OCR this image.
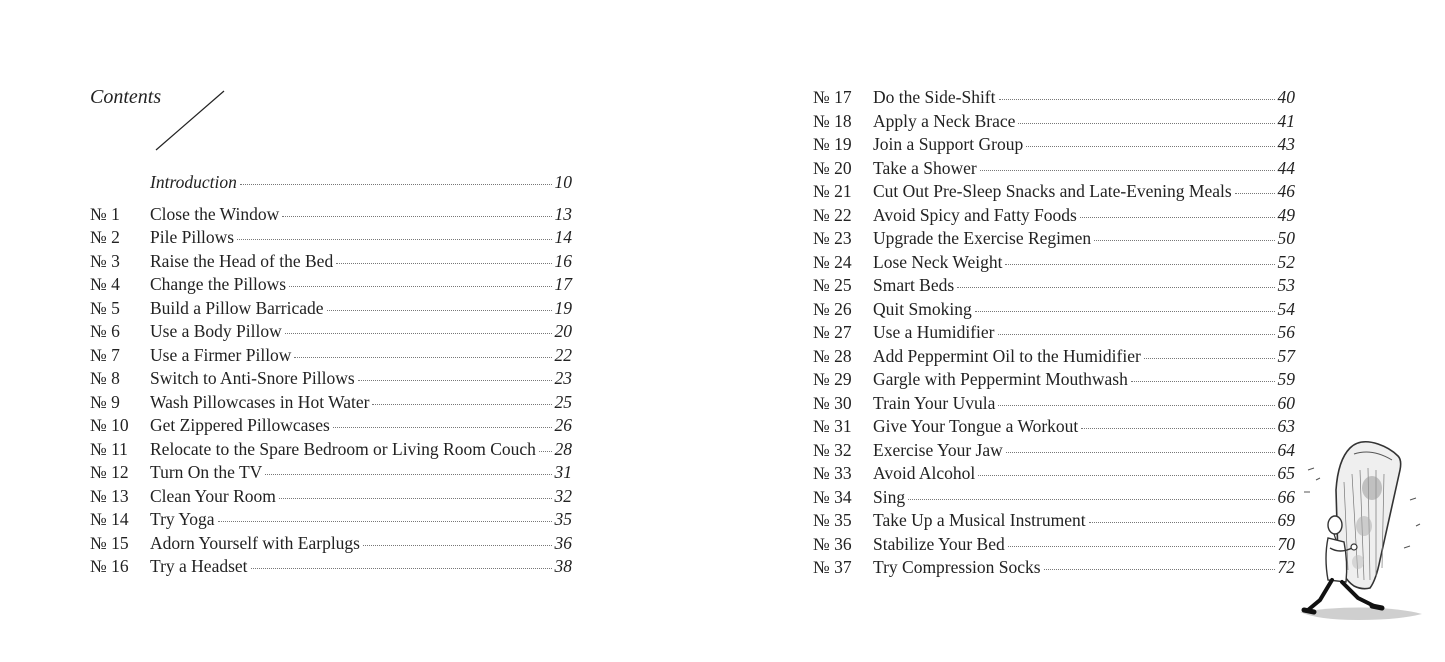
Contents
Introduction	10
№ 1	Close the Window	13
№ 2	Pile Pillows	14
№ 3	Raise the Head of the Bed	16
№ 4	Change the Pillows	17
№ 5	Build a Pillow Barricade	19
№ 6	Use a Body Pillow	20
№ 7	Use a Firmer Pillow	22
№ 8	Switch to Anti-Snore Pillows	23
№ 9	Wash Pillowcases in Hot Water	25
№ 10	Get Zippered Pillowcases	26
№ 11	Relocate to the Spare Bedroom or Living Room Couch 28
№ 12	Turn On the TV	31
№ 13	Clean Your Room	32
№ 14	Try Yoga	35
№ 15	Adorn Yourself with Earplugs	36
№ 16	Try a Headset	38
№ 17	Do the Side-Shift	40
№ 18	Apply a Neck Brace	41
№ 19	Join a Support Group	43
№ 20	Take a Shower	44
№ 21	Cut Out Pre-Sleep Snacks and Late-Evening Meals	46
№ 22	Avoid Spicy and Fatty Foods	49
№ 23	Upgrade the Exercise Regimen	50
№ 24	Lose Neck Weight	52
№ 25	Smart Beds	53
№ 26	Quit Smoking	54
№ 27	Use a Humidifier	56
№ 28	Add Peppermint Oil to the Humidifier	57
№ 29	Gargle with Peppermint Mouthwash	59
№ 30	Train Your Uvula	60
№ 31	Give Your Tongue a Workout	63
№ 32	Exercise Your Jaw	64
№ 33	Avoid Alcohol	65
№ 34	Sing	66
№ 35	Take Up a Musical Instrument	69
№ 36	Stabilize Your Bed	70
№ 37	Try Compression Socks	72
